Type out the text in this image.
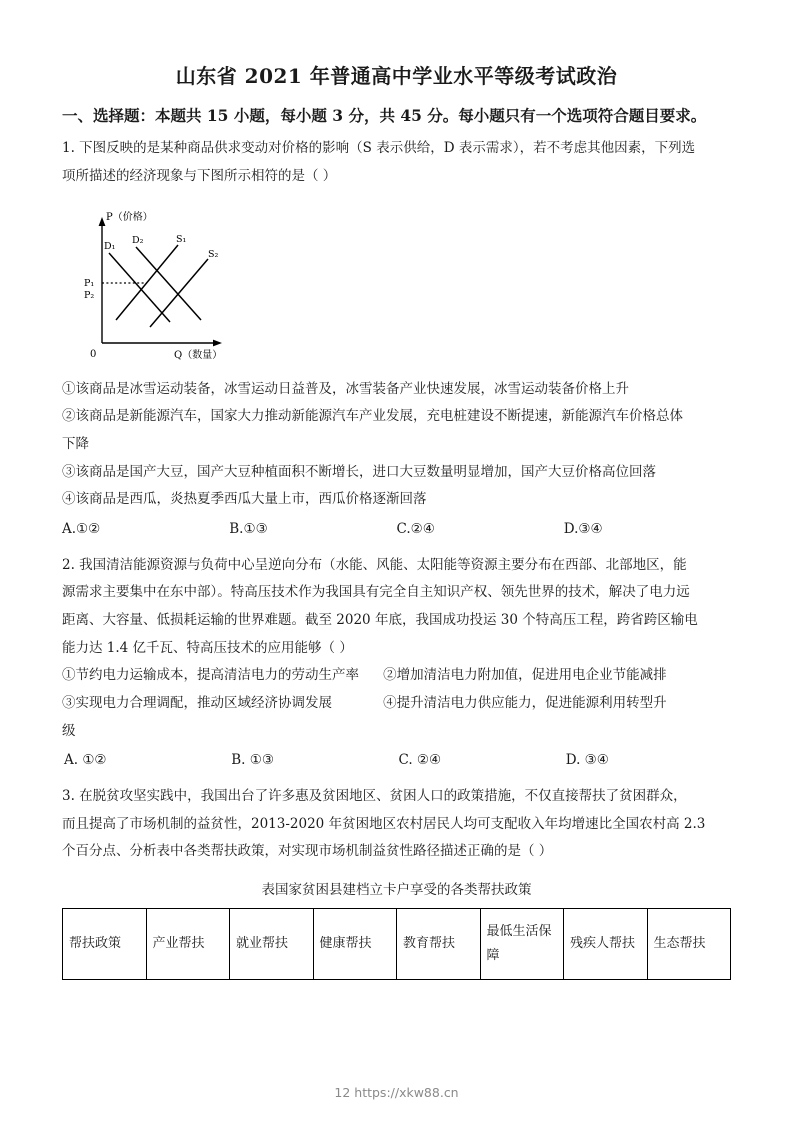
山东省 2021 年普通高中学业水平等级考试政治
一、选择题：本题共 15 小题，每小题 3 分，共 45 分。每小题只有一个选项符合题目要求。
1. 下图反映的是某种商品供求变动对价格的影响（S 表示供给，D 表示需求），若不考虑其他因素，下列选
项所描述的经济现象与下图所示相符的是（ ）
P（价格）
Q（数量）
0
P₁
P₂
D₁
D₂	S₁
S₂
①该商品是冰雪运动装备，冰雪运动日益普及，冰雪装备产业快速发展，冰雪运动装备价格上升
②该商品是新能源汽车，国家大力推动新能源汽车产业发展，充电桩建设不断提速，新能源汽车价格总体
下降
③该商品是国产大豆，国产大豆种植面积不断增长，进口大豆数量明显增加，国产大豆价格高位回落
④该商品是西瓜，炎热夏季西瓜大量上市，西瓜价格逐渐回落
A.①②	B.①③	C.②④	D.③④
2. 我国清洁能源资源与负荷中心呈逆向分布（水能、风能、太阳能等资源主要分布在西部、北部地区，能
源需求主要集中在东中部）。特高压技术作为我国具有完全自主知识产权、领先世界的技术，解决了电力远
距离、大容量、低损耗运输的世界难题。截至 2020 年底，我国成功投运 30 个特高压工程，跨省跨区输电
能力达 1.4 亿千瓦、特高压技术的应用能够（ ）
①节约电力运输成本，提高清洁电力的劳动生产率	②增加清洁电力附加值，促进用电企业节能减排
③实现电力合理调配，推动区域经济协调发展	④提升清洁电力供应能力，促进能源利用转型升
级
A. ①②	B. ①③	C. ②④	D. ③④
3. 在脱贫攻坚实践中，我国出台了许多惠及贫困地区、贫困人口的政策措施，不仅直接帮扶了贫困群众，
而且提高了市场机制的益贫性，2013-2020 年贫困地区农村居民人均可支配收入年均增速比全国农村高 2.3
个百分点、分析表中各类帮扶政策，对实现市场机制益贫性路径描述正确的是（ ）
表国家贫困县建档立卡户享受的各类帮扶政策
帮扶政策	产业帮扶	就业帮扶	健康帮扶	教育帮扶	最低生活保障	残疾人帮扶	生态帮扶
12 https://xkw88.cn
